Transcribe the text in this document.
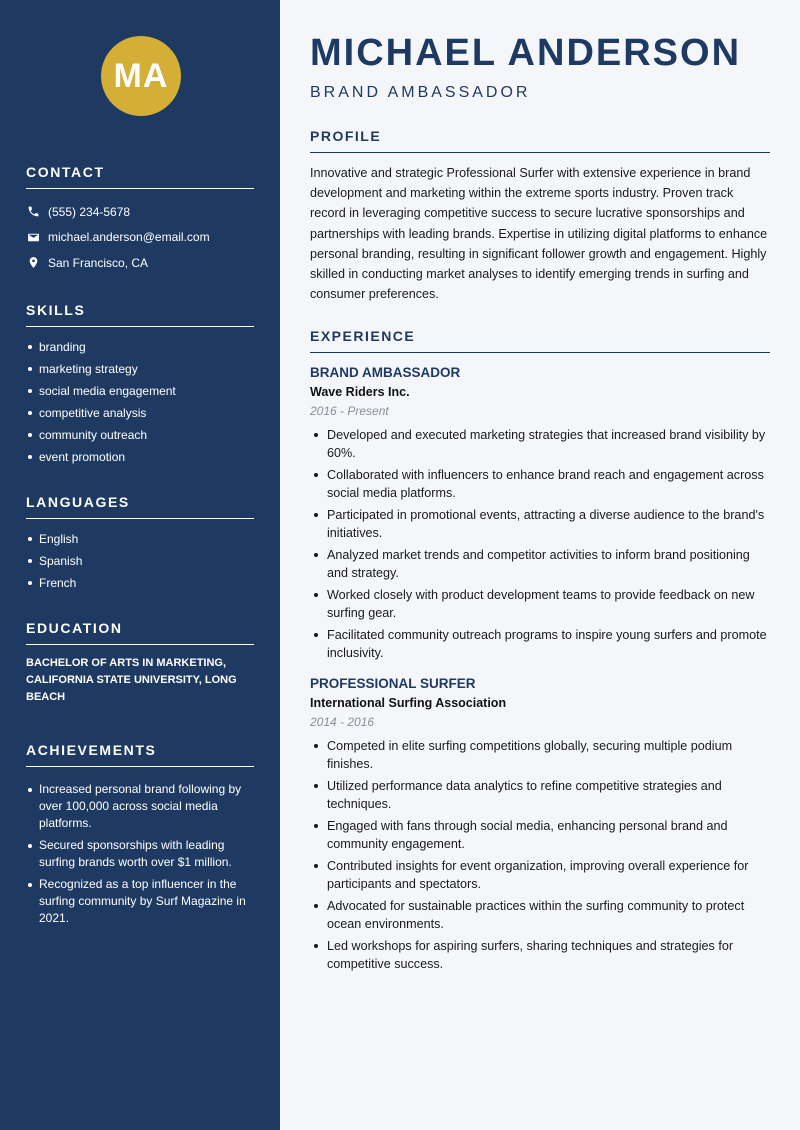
MA
CONTACT
(555) 234-5678
michael.anderson@email.com
San Francisco, CA
SKILLS
branding
marketing strategy
social media engagement
competitive analysis
community outreach
event promotion
LANGUAGES
English
Spanish
French
EDUCATION

BACHELOR OF ARTS IN MARKETING, CALIFORNIA STATE UNIVERSITY, LONG BEACH

ACHIEVEMENTS
Increased personal brand following by over 100,000 across social media platforms.
Secured sponsorships with leading surfing brands worth over $1 million.
Recognized as a top influencer in the surfing community by Surf Magazine in 2021.
MICHAEL ANDERSON
BRAND AMBASSADOR
PROFILE

Innovative and strategic Professional Surfer with extensive experience in brand development and marketing within the extreme sports industry. Proven track record in leveraging competitive success to secure lucrative sponsorships and partnerships with leading brands. Expertise in utilizing digital platforms to enhance personal branding, resulting in significant follower growth and engagement. Highly skilled in conducting market analyses to identify emerging trends in surfing and consumer preferences.

EXPERIENCE
BRAND AMBASSADOR
Wave Riders Inc.
2016 - Present
Developed and executed marketing strategies that increased brand visibility by 60%.
Collaborated with influencers to enhance brand reach and engagement across social media platforms.
Participated in promotional events, attracting a diverse audience to the brand's initiatives.
Analyzed market trends and competitor activities to inform brand positioning and strategy.
Worked closely with product development teams to provide feedback on new surfing gear.
Facilitated community outreach programs to inspire young surfers and promote inclusivity.
PROFESSIONAL SURFER
International Surfing Association
2014 - 2016
Competed in elite surfing competitions globally, securing multiple podium finishes.
Utilized performance data analytics to refine competitive strategies and techniques.
Engaged with fans through social media, enhancing personal brand and community engagement.
Contributed insights for event organization, improving overall experience for participants and spectators.
Advocated for sustainable practices within the surfing community to protect ocean environments.
Led workshops for aspiring surfers, sharing techniques and strategies for competitive success.
